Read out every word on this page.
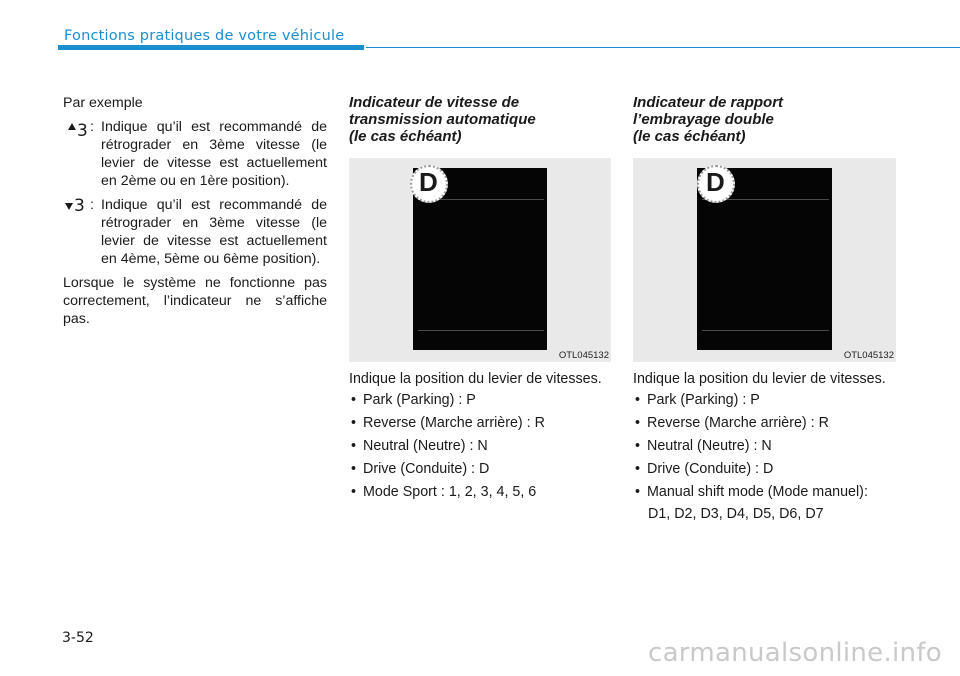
Fonctions pratiques de votre véhicule

Par exemple

3 : Indique qu’il est recommandé de rétrograder en 3ème vitesse (le levier de vitesse est actuellement en 2ème ou en 1ère position).
3 : Indique qu’il est recommandé de rétrograder en 3ème vitesse (le levier de vitesse est actuellement en 4ème, 5ème ou 6ème position).

Lorsque le système ne fonctionne pas correctement, l’indicateur ne s’affiche pas.

Indicateur de vitesse de
transmission automatique
(le cas échéant)
D
OTL045132

Indique la position du levier de vitesses.

• Park (Parking) : P
• Reverse (Marche arrière) : R
• Neutral (Neutre) : N
• Drive (Conduite) : D
• Mode Sport : 1, 2, 3, 4, 5, 6
Indicateur de rapport
l’embrayage double
(le cas échéant)
D
OTL045132

Indique la position du levier de vitesses.

• Park (Parking) : P
• Reverse (Marche arrière) : R
• Neutral (Neutre) : N
• Drive (Conduite) : D
• Manual shift mode (Mode manuel):
D1, D2, D3, D4, D5, D6, D7
3-52	carmanualsonline.info
